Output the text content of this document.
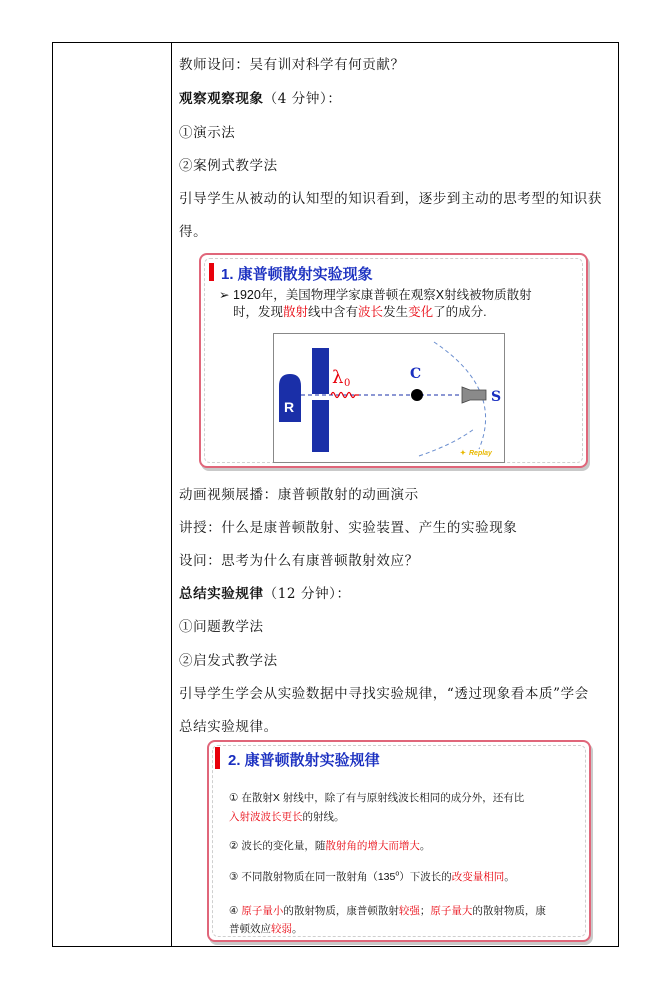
教师设问：吴有训对科学有何贡献？
观察观察现象（4 分钟）：
①演示法
②案例式教学法
引导学生从被动的认知型的知识看到，逐步到主动的思考型的知识获
得。
1. 康普顿散射实验现象
➢ 1920年，美国物理学家康普顿在观察X射线被物质散射
时，发现散射线中含有波长发生变化了的成分.
R
λ 0
C
S
✦ Replay
动画视频展播：康普顿散射的动画演示
讲授：什么是康普顿散射、实验装置、产生的实验现象
设问：思考为什么有康普顿散射效应？
总结实验规律（12 分钟）：
①问题教学法
②启发式教学法
引导学生学会从实验数据中寻找实验规律，“透过现象看本质”学会
总结实验规律。
2. 康普顿散射实验规律
① 在散射X 射线中，除了有与原射线波长相同的成分外，还有比
入射波波长更长的射线。
② 波长的变化量，随散射角的增大而增大。
③ 不同散射物质在同一散射角（135$^o$）下波长的改变量相同。
④ 原子量小的散射物质，康普顿散射较强；原子量大的散射物质，康
普顿效应较弱。
